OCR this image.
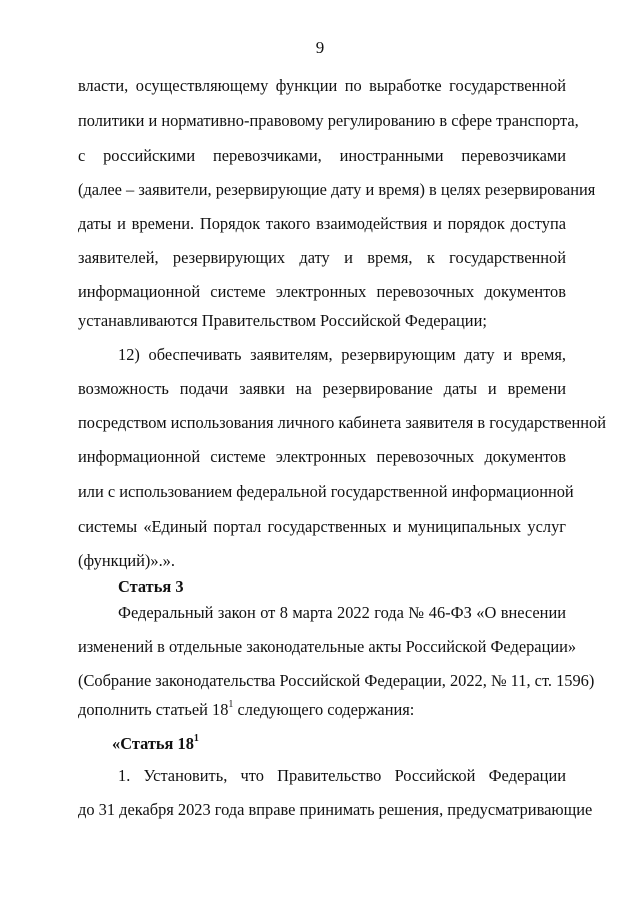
9
власти, осуществляющему функции по выработке государственной
политики и нормативно-правовому регулированию в сфере транспорта,
с российскими перевозчиками, иностранными перевозчиками
(далее – заявители, резервирующие дату и время) в целях резервирования
даты и времени. Порядок такого взаимодействия и порядок доступа
заявителей, резервирующих дату и время, к государственной
информационной системе электронных перевозочных документов
устанавливаются Правительством Российской Федерации;
12) обеспечивать заявителям, резервирующим дату и время,
возможность подачи заявки на резервирование даты и времени
посредством использования личного кабинета заявителя в государственной
информационной системе электронных перевозочных документов
или с использованием федеральной государственной информационной
системы «Единый портал государственных и муниципальных услуг
(функций)».».
Статья 3
Федеральный закон от 8 марта 2022 года № 46-ФЗ «О внесении
изменений в отдельные законодательные акты Российской Федерации»
(Собрание законодательства Российской Федерации, 2022, № 11, ст. 1596)
дополнить статьей $18^1$ следующего содержания:
«Статья $18^1$
1. Установить, что Правительство Российской Федерации
до 31 декабря 2023 года вправе принимать решения, предусматривающие
